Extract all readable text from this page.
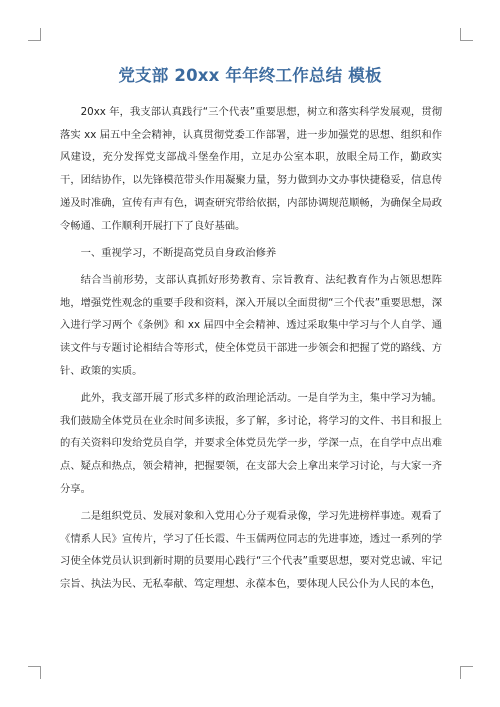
党支部 20xx 年年终工作总结 模板

20xx 年，我支部认真践行“三个代表”重要思想，树立和落实科学发展观，贯彻落实 xx 届五中全会精神，认真贯彻党委工作部署，进一步加强党的思想、组织和作风建设，充分发挥党支部战斗堡垒作用，立足办公室本职，放眼全局工作，勤政实干，团结协作，以先锋模范带头作用凝聚力量，努力做到办文办事快捷稳妥，信息传递及时准确，宣传有声有色，调查研究带给依据，内部协调规范顺畅，为确保全局政令畅通、工作顺利开展打下了良好基础。

一、重视学习，不断提高党员自身政治修养

结合当前形势，支部认真抓好形势教育、宗旨教育、法纪教育作为占领思想阵地，增强党性观念的重要手段和资料，深入开展以全面贯彻“三个代表”重要思想，深入进行学习两个《条例》和 xx 届四中全会精神、透过采取集中学习与个人自学、通读文件与专题讨论相结合等形式，使全体党员干部进一步领会和把握了党的路线、方针、政策的实质。

此外，我支部开展了形式多样的政治理论活动。一是自学为主，集中学习为辅。我们鼓励全体党员在业余时间多读报，多了解，多讨论，将学习的文件、书目和报上的有关资料印发给党员自学，并要求全体党员先学一步，学深一点，在自学中点出难点、疑点和热点，领会精神，把握要领，在支部大会上拿出来学习讨论，与大家一齐分享。

二是组织党员、发展对象和入党用心分子观看录像，学习先进榜样事迹。观看了《情系人民》宣传片，学习了任长霞、牛玉儒两位同志的先进事迹，透过一系列的学习使全体党员认识到新时期的员要用心践行“三个代表”重要思想，要对党忠诚、牢记宗旨、执法为民、无私奉献、笃定理想、永葆本色，要体现人民公仆为人民的本色，
